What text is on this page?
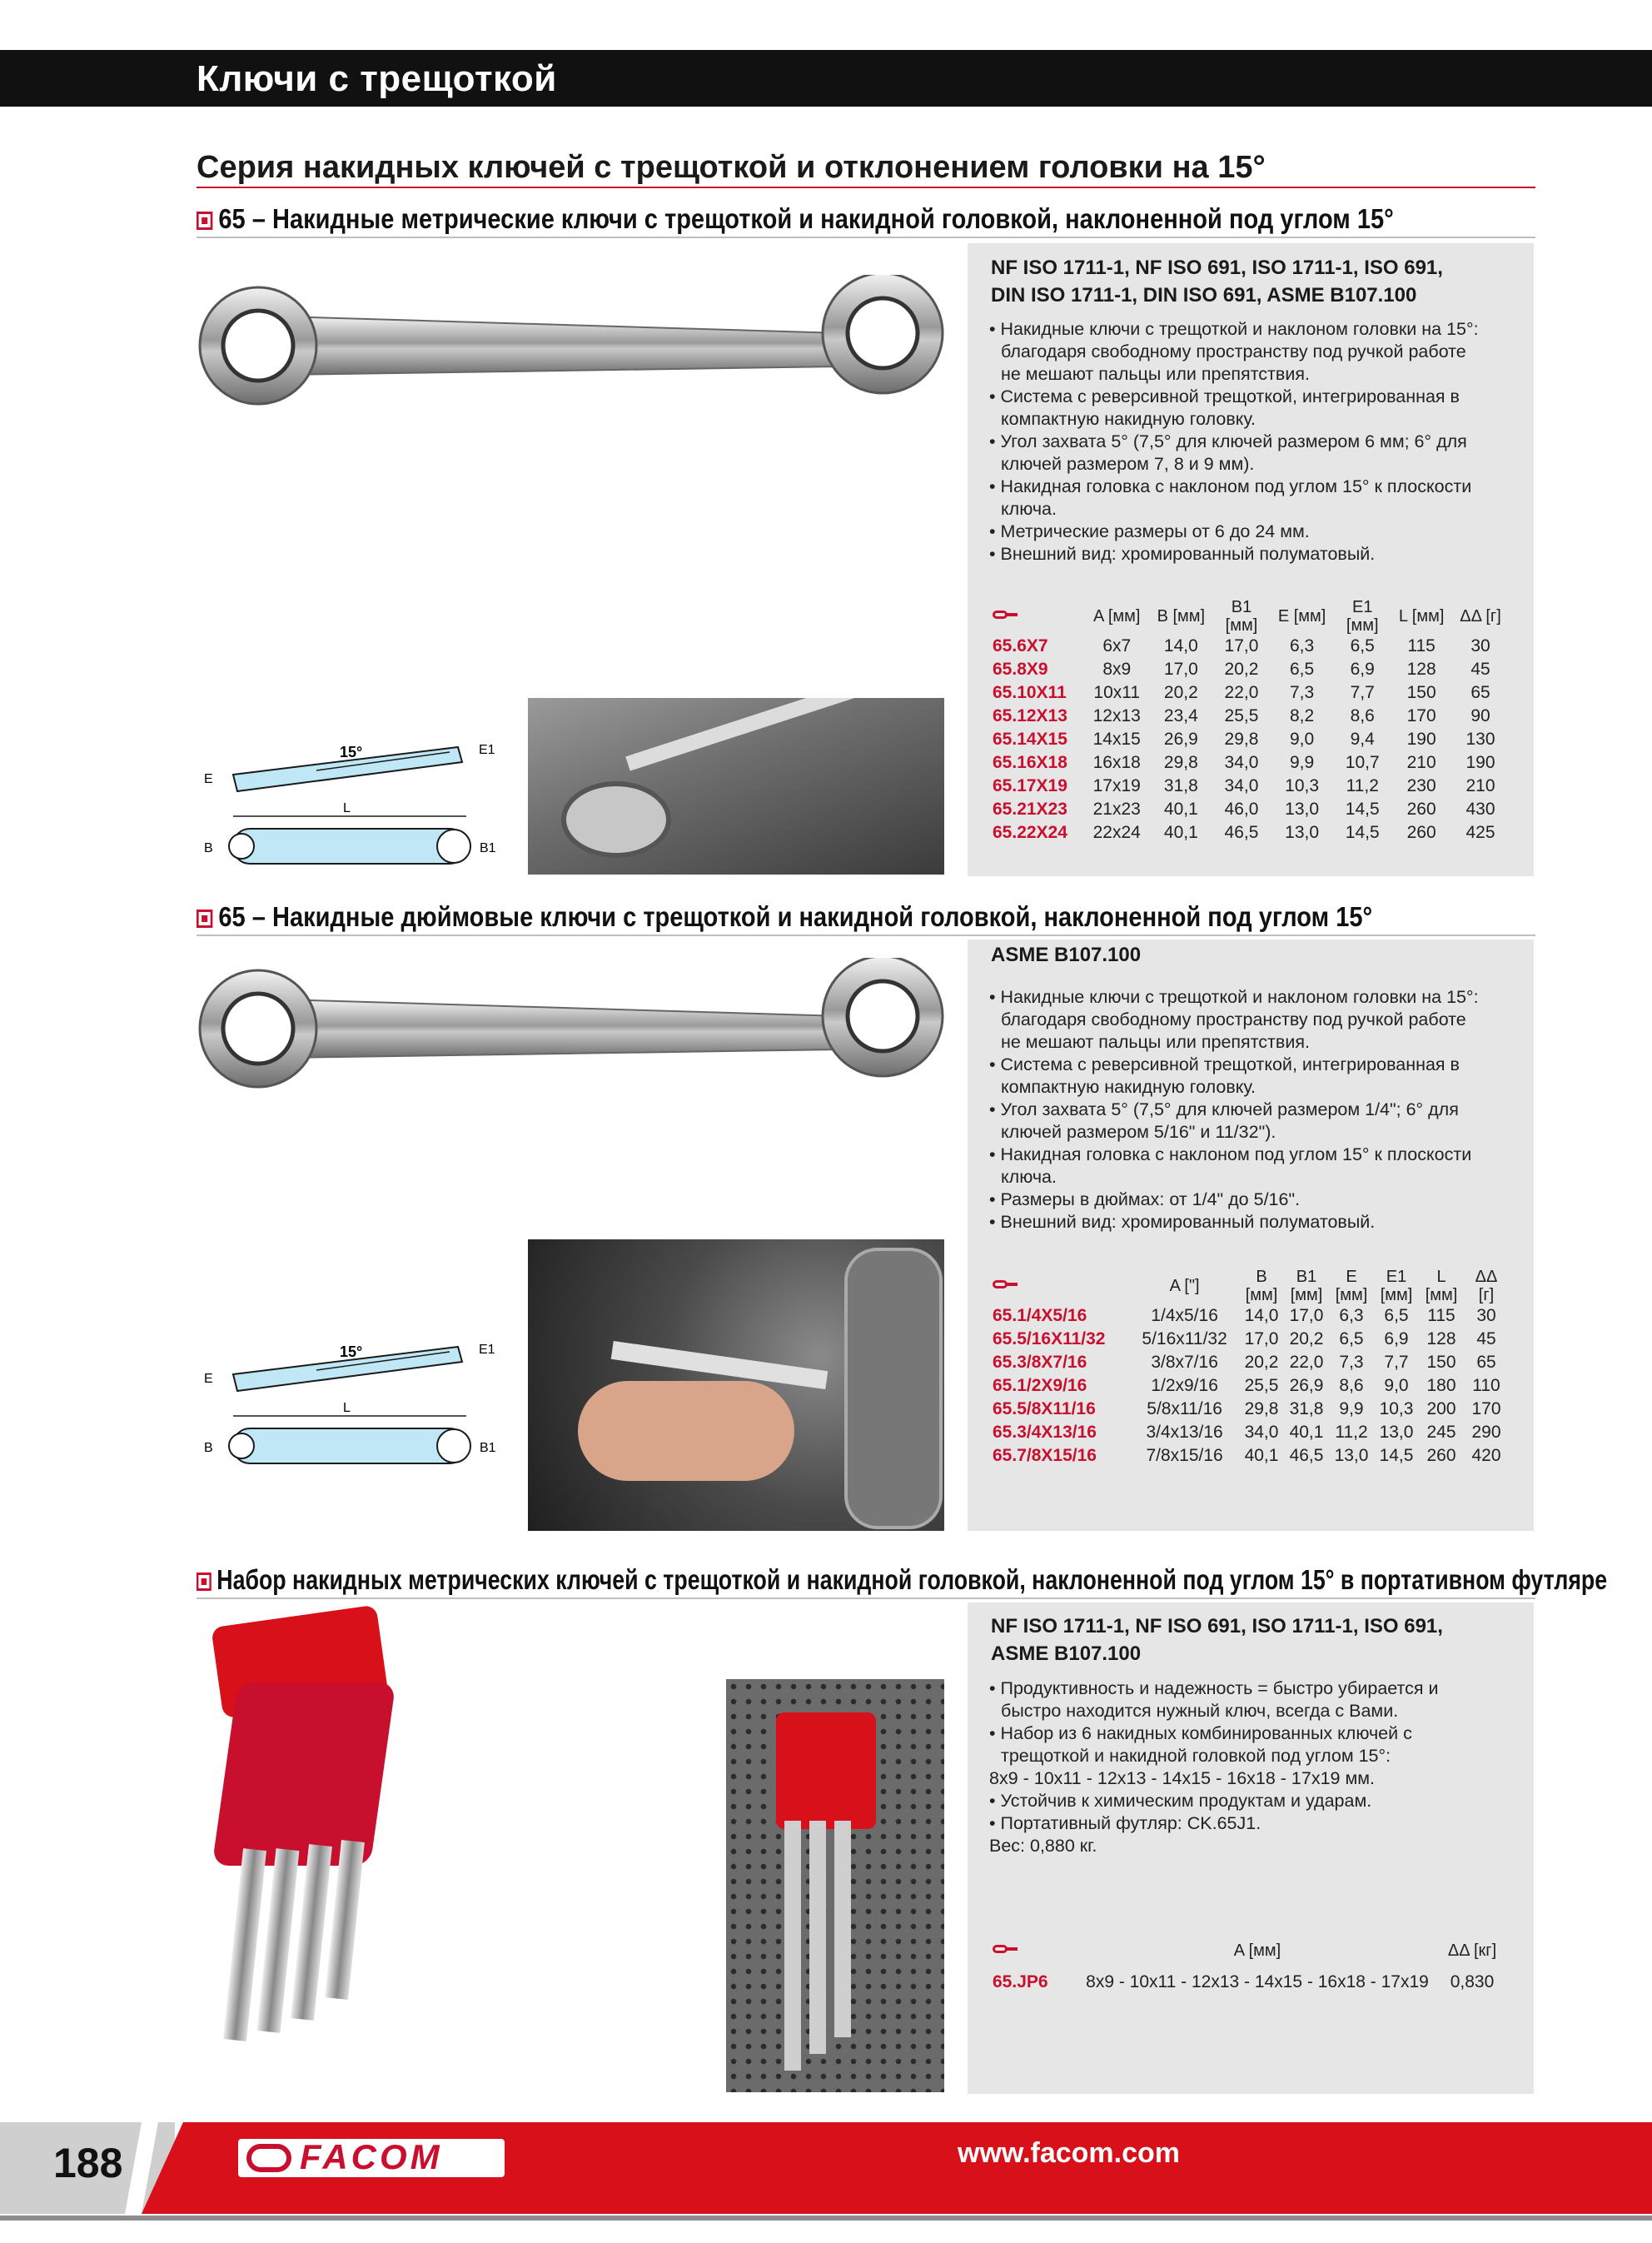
Ключи с трещоткой
Серия накидных ключей с трещоткой и отклонением головки на 15°
65 – Накидные метрические ключи с трещоткой и накидной головкой, наклоненной под углом 15°
15°
E
E1
L
B	B1
NF ISO 1711-1, NF ISO 691, ISO 1711-1, ISO 691,
DIN ISO 1711-1, DIN ISO 691, ASME B107.100
• Накидные ключи с трещоткой и наклоном головки на 15°: благодаря свободному пространству под ручкой работе не мешают пальцы или препятствия.
• Система с реверсивной трещоткой, интегрированная в компактную накидную головку.
• Угол захвата 5° (7,5° для ключей размером 6 мм; 6° для ключей размером 7, 8 и 9 мм).
• Накидная головка с наклоном под углом 15° к плоскости ключа.
• Метрические размеры от 6 до 24 мм.
• Внешний вид: хромированный полуматовый.
	A [мм]	B [мм]	B1 [мм]	E [мм]	E1 [мм]	L [мм]	ΔΔ [г]
65.6X7	6x7	14,0	17,0	6,3	6,5	115	30
65.8X9	8x9	17,0	20,2	6,5	6,9	128	45
65.10X11	10x11	20,2	22,0	7,3	7,7	150	65
65.12X13	12x13	23,4	25,5	8,2	8,6	170	90
65.14X15	14x15	26,9	29,8	9,0	9,4	190	130
65.16X18	16x18	29,8	34,0	9,9	10,7	210	190
65.17X19	17x19	31,8	34,0	10,3	11,2	230	210
65.21X23	21x23	40,1	46,0	13,0	14,5	260	430
65.22X24	22x24	40,1	46,5	13,0	14,5	260	425
65 – Накидные дюймовые ключи с трещоткой и накидной головкой, наклоненной под углом 15°
15°
E
E1
L
B	B1
ASME B107.100
• Накидные ключи с трещоткой и наклоном головки на 15°: благодаря свободному пространству под ручкой работе не мешают пальцы или препятствия.
• Система с реверсивной трещоткой, интегрированная в компактную накидную головку.
• Угол захвата 5° (7,5° для ключей размером 1/4"; 6° для ключей размером 5/16" и 11/32").
• Накидная головка с наклоном под углом 15° к плоскости ключа.
• Размеры в дюймах: от 1/4" до 5/16".
• Внешний вид: хромированный полуматовый.
	A ["]	B [мм]	B1 [мм]	E [мм]	E1 [мм]	L [мм]	ΔΔ [г]
65.1/4X5/16	1/4x5/16	14,0	17,0	6,3	6,5	115	30
65.5/16X11/32	5/16x11/32	17,0	20,2	6,5	6,9	128	45
65.3/8X7/16	3/8x7/16	20,2	22,0	7,3	7,7	150	65
65.1/2X9/16	1/2x9/16	25,5	26,9	8,6	9,0	180	110
65.5/8X11/16	5/8x11/16	29,8	31,8	9,9	10,3	200	170
65.3/4X13/16	3/4x13/16	34,0	40,1	11,2	13,0	245	290
65.7/8X15/16	7/8x15/16	40,1	46,5	13,0	14,5	260	420
Набор накидных метрических ключей с трещоткой и накидной головкой, наклоненной под углом 15° в портативном футляре
NF ISO 1711-1, NF ISO 691, ISO 1711-1, ISO 691,
ASME B107.100
• Продуктивность и надежность = быстро убирается и быстро находится нужный ключ, всегда с Вами.
• Набор из 6 накидных комбинированных ключей с трещоткой и накидной головкой под углом 15°:
8x9 - 10x11 - 12x13 - 14x15 - 16x18 - 17x19 мм.
• Устойчив к химическим продуктам и ударам.
• Портативный футляр: CK.65J1.
Вес: 0,880 кг.
	A [мм]	ΔΔ [кг]

65.JP6	8x9 - 10x11 - 12x13 - 14x15 - 16x18 - 17x19	0,830
188	FACOM	www.facom.com
